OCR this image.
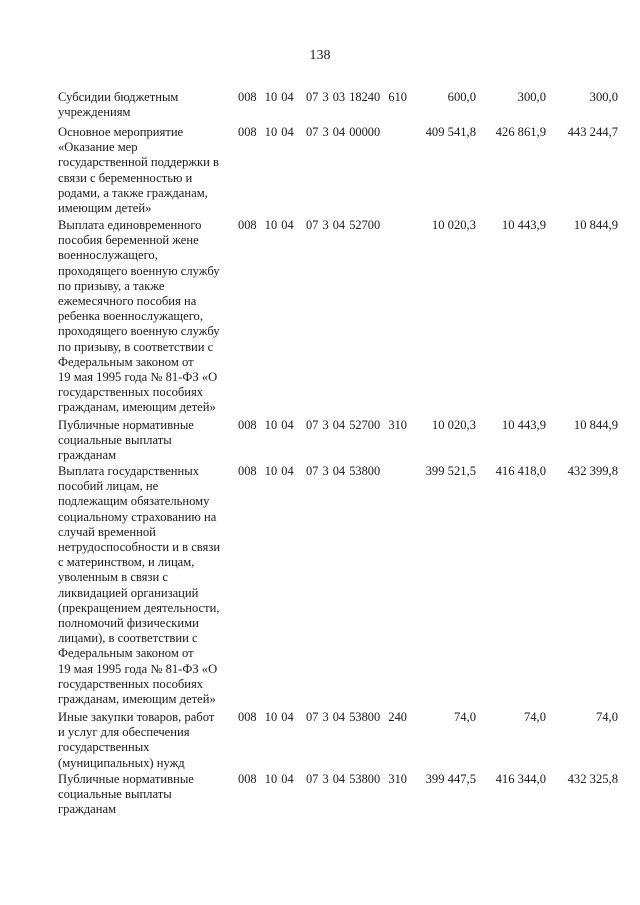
138

Субсидии бюджетным
учреждениям

008  10 04   07 3 03 18240  610	600,0	300,0	300,0

Основное мероприятие
«Оказание мер
государственной поддержки в
связи с беременностью и
родами, а также гражданам,
имеющим детей»

008  10 04   07 3 04 00000	409 541,8 426 861,9 443 244,7

Выплата единовременного
пособия беременной жене
военнослужащего,
проходящего военную службу
по призыву, а также
ежемесячного пособия на
ребенка военнослужащего,
проходящего военную службу
по призыву, в соответствии с
Федеральным законом от
19 мая 1995 года № 81-ФЗ «О
государственных пособиях
гражданам, имеющим детей»

008  10 04   07 3 04 52700	10 020,3 10 443,9 10 844,9

Публичные нормативные
социальные выплаты
гражданам

008  10 04   07 3 04 52700  310 10 020,3 10 443,9 10 844,9

Выплата государственных
пособий лицам, не
подлежащим обязательному
социальному страхованию на
случай временной
нетрудоспособности и в связи
с материнством, и лицам,
уволенным в связи с
ликвидацией организаций
(прекращением деятельности,
полномочий физическими
лицами), в соответствии с
Федеральным законом от
19 мая 1995 года № 81-ФЗ «О
государственных пособиях
гражданам, имеющим детей»

008  10 04   07 3 04 53800	399 521,5 416 418,0 432 399,8

Иные закупки товаров, работ
и услуг для обеспечения
государственных
(муниципальных) нужд

008  10 04   07 3 04 53800  240	74,0	74,0	74,0

Публичные нормативные
социальные выплаты
гражданам

008  10 04   07 3 04 53800  310 399 447,5 416 344,0 432 325,8
